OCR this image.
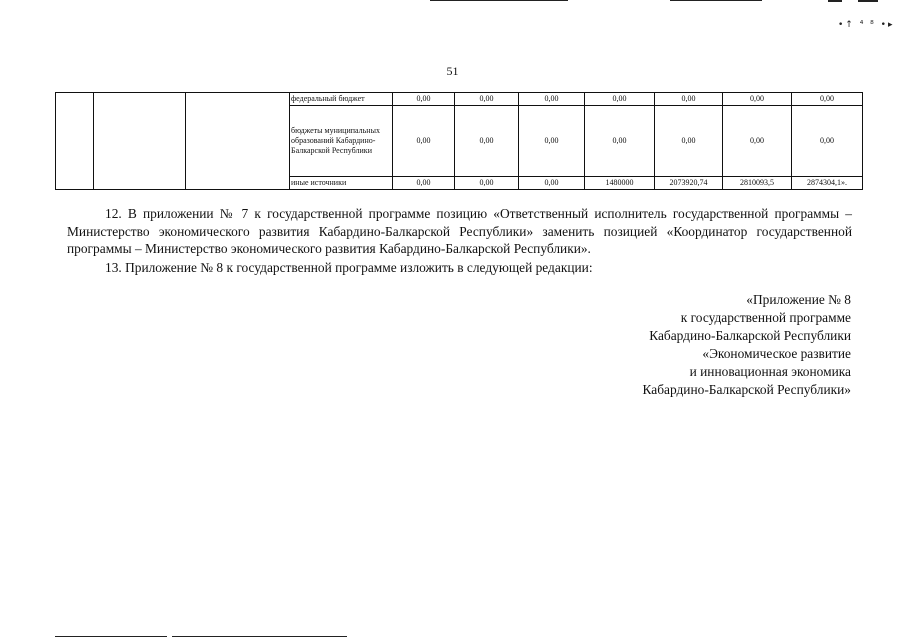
•↑ ⁴ ⁸ •▸
51
			федеральный бюджет	0,00	0,00	0,00	0,00	0,00	0,00	0,00
			бюджеты муниципальных образований Кабардино-Балкарской Республики	0,00	0,00	0,00	0,00	0,00	0,00	0,00
			иные источники	0,00	0,00	0,00	1480000	2073920,74	2810093,5	2874304,1».

12. В приложении № 7 к государственной программе позицию «Ответственный исполнитель государственной программы – Министерство экономического развития Кабардино-Балкарской Республики» заменить позицией «Координатор государственной программы – Министерство экономического развития Кабардино-Балкарской Республики».

13. Приложение № 8 к государственной программе изложить в следующей редакции:

«Приложение № 8
к государственной программе
Кабардино-Балкарской Республики
«Экономическое развитие
и инновационная экономика
Кабардино-Балкарской Республики»
